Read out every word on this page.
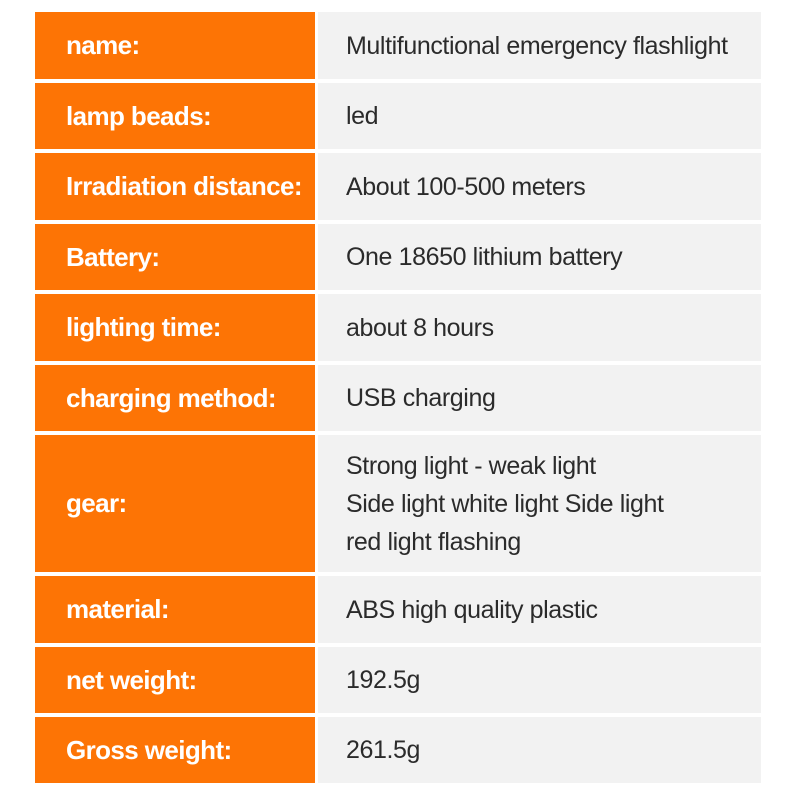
name:	Multifunctional emergency flashlight
lamp beads:	led
Irradiation distance:	About 100-500 meters
Battery:	One 18650 lithium battery
lighting time:	about 8 hours
charging method:	USB charging
gear:
Strong light - weak light
Side light white light Side light
red light flashing
material:	ABS high quality plastic
net weight:	192.5g
Gross weight:	261.5g
